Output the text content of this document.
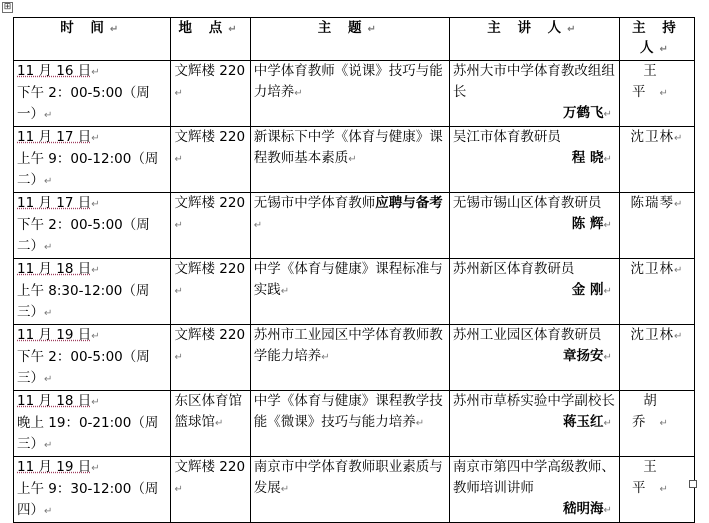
⊞
时 间↵	地 点↵	主 题↵	主 讲 人↵	主 持 人↵
11 月 16 日↵
下午 2：00-5:00（周
一）↵	文辉楼 220↵	中学体育教师《说课》技巧与能力培养↵	苏州大市中学体育教改组组长
万鹤飞↵	王 平↵
11 月 17 日↵
上午 9：00-12:00（周
二）↵	文辉楼 220↵	新课标下中学《体育与健康》课程教师基本素质↵	吴江市体育教研员
程 晓↵	沈卫林↵
11 月 17 日↵
下午 2：00-5:00（周
二）↵	文辉楼 220↵	无锡市中学体育教师应聘与备考↵	无锡市锡山区体育教研员
陈 辉↵	陈瑞琴↵
11 月 18 日↵
上午 8:30-12:00（周
三）↵	文辉楼 220↵	中学《体育与健康》课程标准与实践↵	苏州新区体育教研员
金 刚↵	沈卫林↵
11 月 19 日↵
下午 2：00-5:00（周
三）↵	文辉楼 220↵	苏州市工业园区中学体育教师教学能力培养↵	苏州工业园区体育教研员
章扬安↵	沈卫林↵
11 月 18 日↵
晚上 19：0-21:00（周
三）↵	东区体育馆 篮球馆↵	中学《体育与健康》课程教学技能《微课》技巧与能力培养↵	苏州市草桥实验中学副校长
蒋玉红↵	胡 乔↵
11 月 19 日↵
上午 9：30-12:00（周
四）↵	文辉楼 220↵	南京市中学体育教师职业素质与发展↵	南京市第四中学高级教师、教师培训讲师
嵇明海↵	王 平↵
